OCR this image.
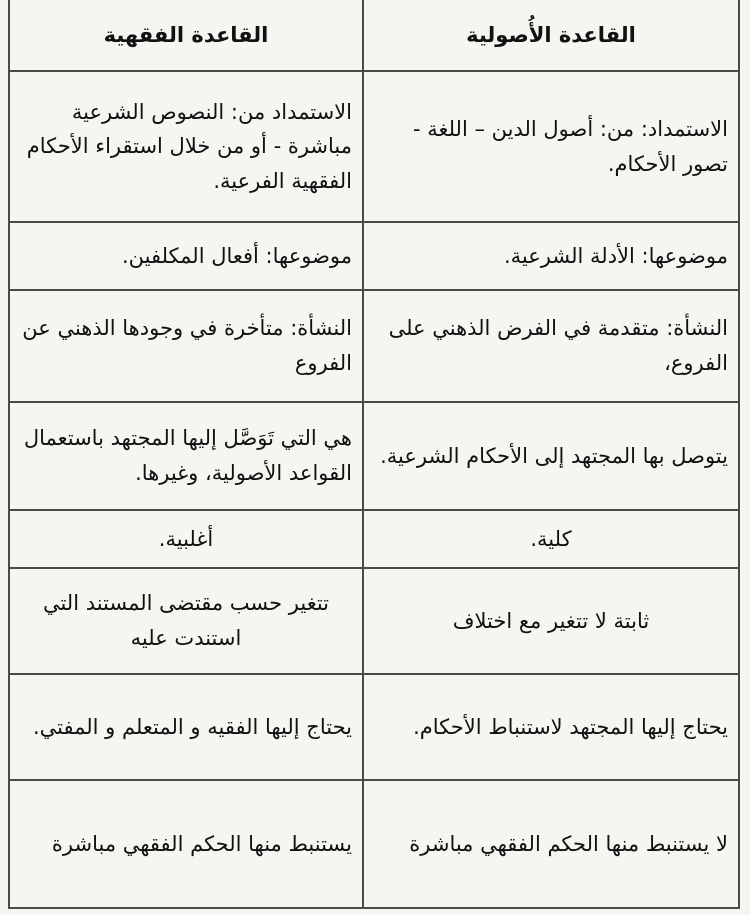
القاعدة الأُصولية	القاعدة الفقهية
الاستمداد: من: أصول الدين – اللغة - تصور الأحكام.	الاستمداد من: النصوص الشرعية مباشرة - أو من خلال استقراء الأحكام الفقهية الفرعية.
موضوعها: الأدلة الشرعية.	موضوعها: أفعال المكلفين.
النشأة: متقدمة في الفرض الذهني على الفروع،	النشأة: متأخرة في وجودها الذهني عن الفروع
يتوصل بها المجتهد إلى الأحكام الشرعية.	هي التي تَوَصَّل إليها المجتهد باستعمال القواعد الأصولية، وغيرها.
كلية.	أغلبية.
ثابتة لا تتغير مع اختلاف	تتغير حسب مقتضى المستند التي استندت عليه
يحتاج إليها المجتهد لاستنباط الأحكام.	يحتاج إليها الفقيه و المتعلم و المفتي.
لا يستنبط منها الحكم الفقهي مباشرة	يستنبط منها الحكم الفقهي مباشرة
